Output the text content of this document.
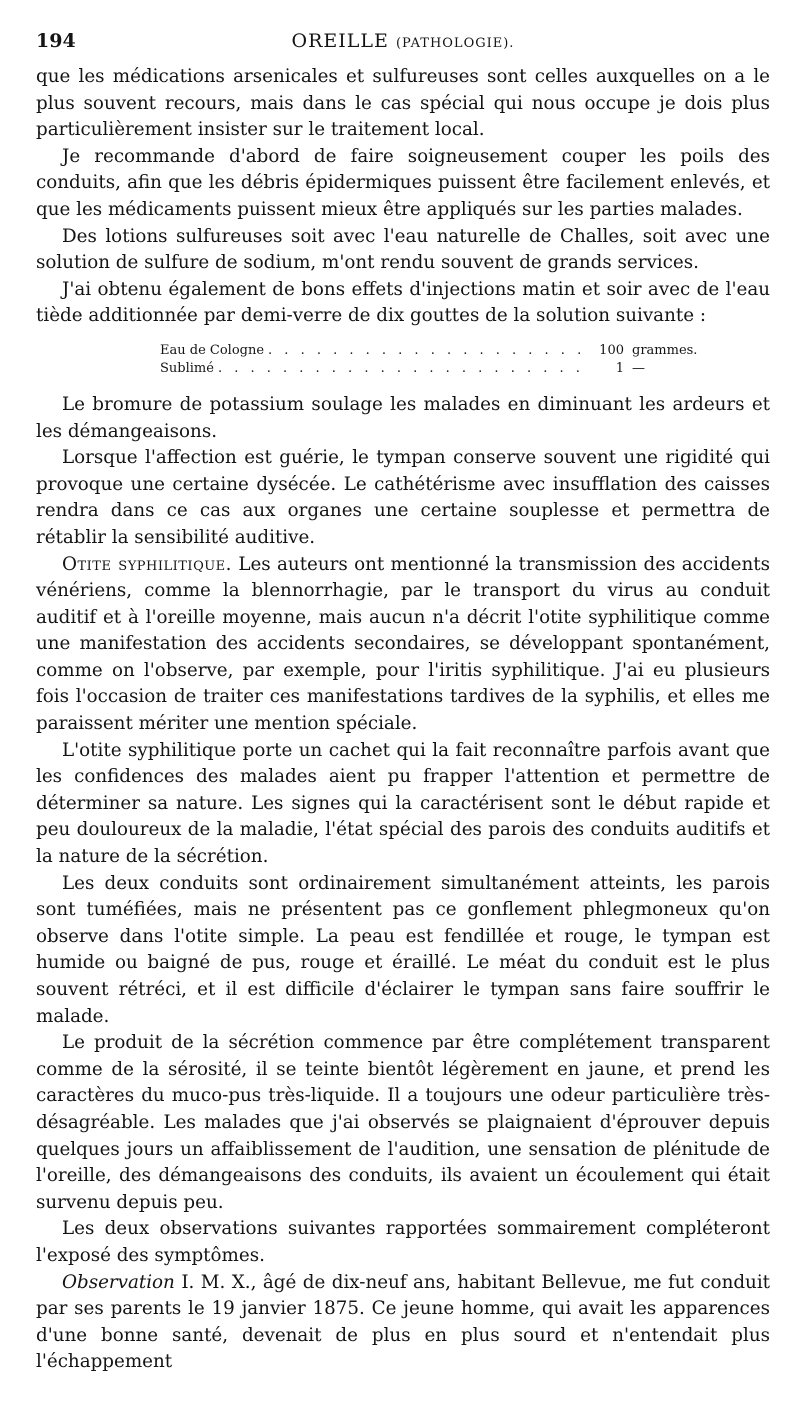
194	OREILLE (PATHOLOGIE).

que les médications arsenicales et sulfureuses sont celles auxquelles on a le plus souvent recours, mais dans le cas spécial qui nous occupe je dois plus particulièrement insister sur le traitement local.

Je recommande d'abord de faire soigneusement couper les poils des conduits, afin que les débris épidermiques puissent être facilement enlevés, et que les médicaments puissent mieux être appliqués sur les parties malades.

Des lotions sulfureuses soit avec l'eau naturelle de Challes, soit avec une solution de sulfure de sodium, m'ont rendu souvent de grands services.

J'ai obtenu également de bons effets d'injections matin et soir avec de l'eau tiède additionnée par demi-verre de dix gouttes de la solution suivante :

Eau de Cologne . . .	100 grammes.
Sublimé . . .	1 —

Le bromure de potassium soulage les malades en diminuant les ardeurs et les démangeaisons.

Lorsque l'affection est guérie, le tympan conserve souvent une rigidité qui provoque une certaine dysécée. Le cathétérisme avec insufflation des caisses rendra dans ce cas aux organes une certaine souplesse et permettra de rétablir la sensibilité auditive.

Otite syphilitique. Les auteurs ont mentionné la transmission des accidents vénériens, comme la blennorrhagie, par le transport du virus au conduit auditif et à l'oreille moyenne, mais aucun n'a décrit l'otite syphilitique comme une manifestation des accidents secondaires, se développant spontanément, comme on l'observe, par exemple, pour l'iritis syphilitique. J'ai eu plusieurs fois l'occasion de traiter ces manifestations tardives de la syphilis, et elles me paraissent mériter une mention spéciale.

L'otite syphilitique porte un cachet qui la fait reconnaître parfois avant que les confidences des malades aient pu frapper l'attention et permettre de déterminer sa nature. Les signes qui la caractérisent sont le début rapide et peu douloureux de la maladie, l'état spécial des parois des conduits auditifs et la nature de la sécrétion.

Les deux conduits sont ordinairement simultanément atteints, les parois sont tuméfiées, mais ne présentent pas ce gonflement phlegmoneux qu'on observe dans l'otite simple. La peau est fendillée et rouge, le tympan est humide ou baigné de pus, rouge et éraillé. Le méat du conduit est le plus souvent rétréci, et il est difficile d'éclairer le tympan sans faire souffrir le malade.

Le produit de la sécrétion commence par être complétement transparent comme de la sérosité, il se teinte bientôt légèrement en jaune, et prend les caractères du muco-pus très-liquide. Il a toujours une odeur particulière très-désagréable. Les malades que j'ai observés se plaignaient d'éprouver depuis quelques jours un affaiblissement de l'audition, une sensation de plénitude de l'oreille, des démangeaisons des conduits, ils avaient un écoulement qui était survenu depuis peu.

Les deux observations suivantes rapportées sommairement compléteront l'exposé des symptômes.

Observation I. M. X., âgé de dix-neuf ans, habitant Bellevue, me fut conduit par ses parents le 19 janvier 1875. Ce jeune homme, qui avait les apparences d'une bonne santé, devenait de plus en plus sourd et n'entendait plus l'échappement
